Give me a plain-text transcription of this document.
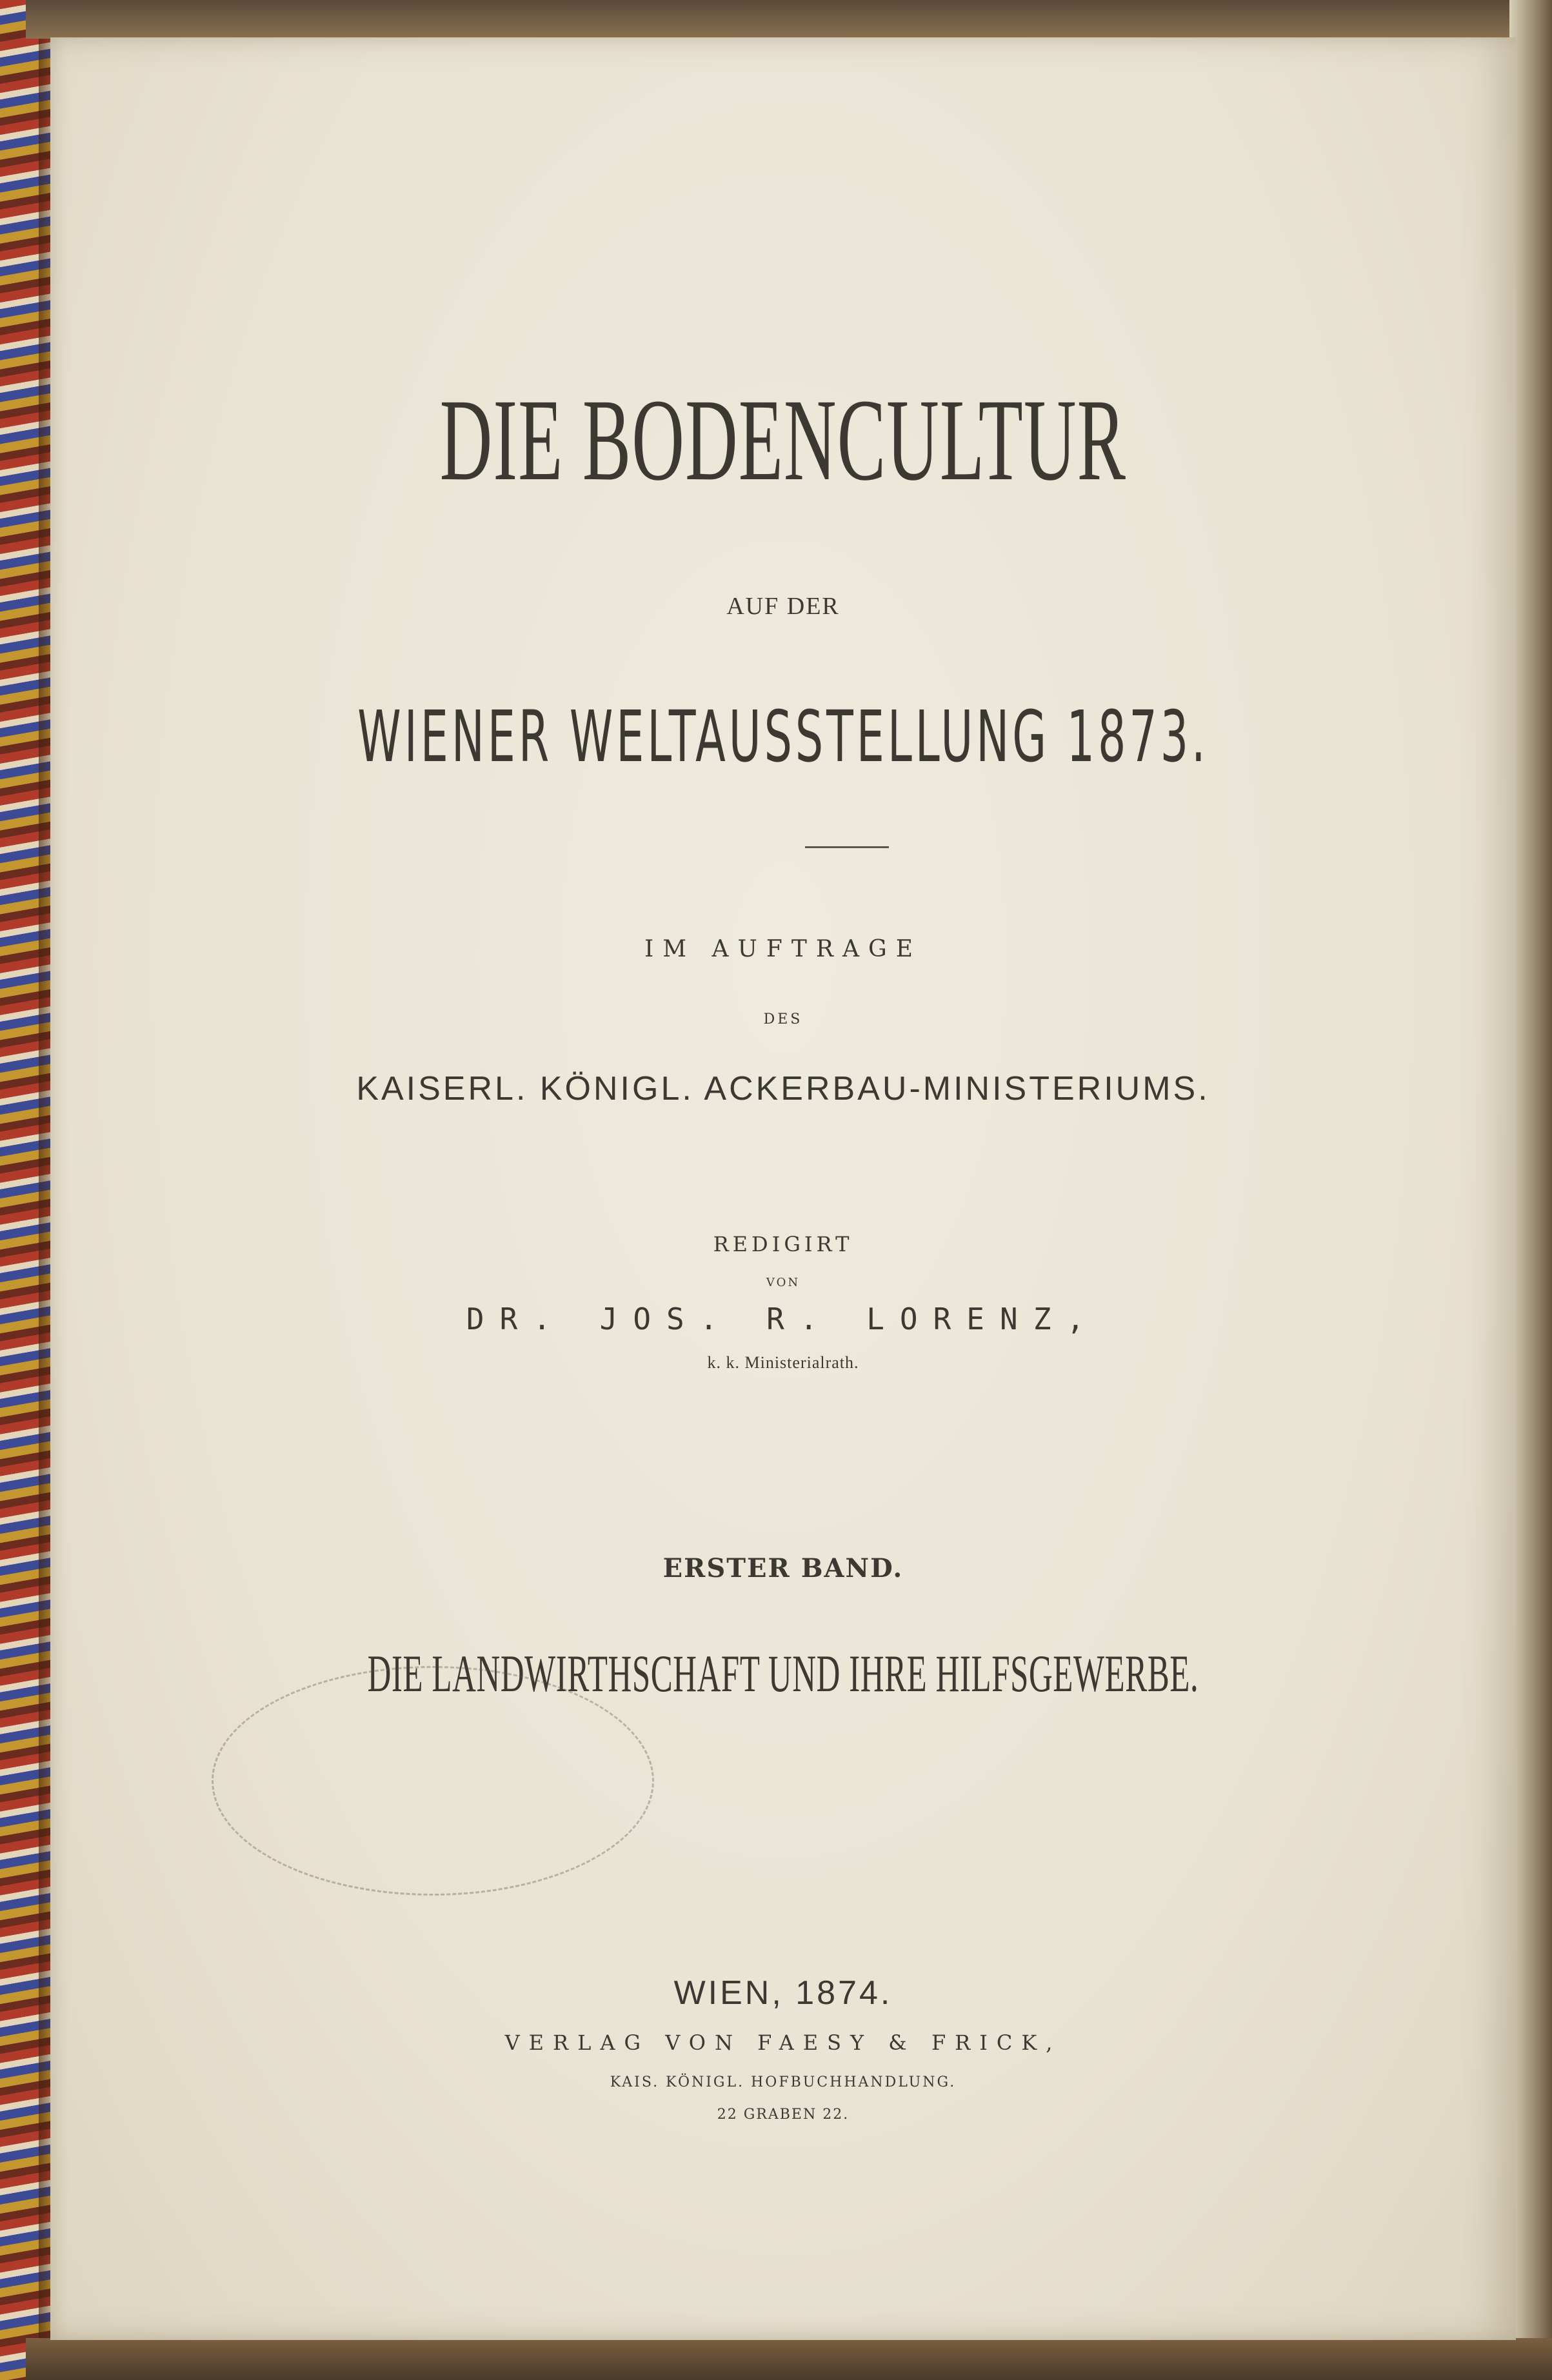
DIE BODENCULTUR
AUF DER
WIENER WELTAUSSTELLUNG 1873.
IM AUFTRAGE
DES
KAISERL. KÖNIGL. ACKERBAU-MINISTERIUMS.
REDIGIRT
VON
DR. JOS. R. LORENZ,
k. k. Ministerialrath.
ERSTER BAND.
DIE LANDWIRTHSCHAFT UND IHRE HILFSGEWERBE.
WIEN, 1874.
VERLAG VON FAESY & FRICK,
KAIS. KÖNIGL. HOFBUCHHANDLUNG.
22 GRABEN 22.
